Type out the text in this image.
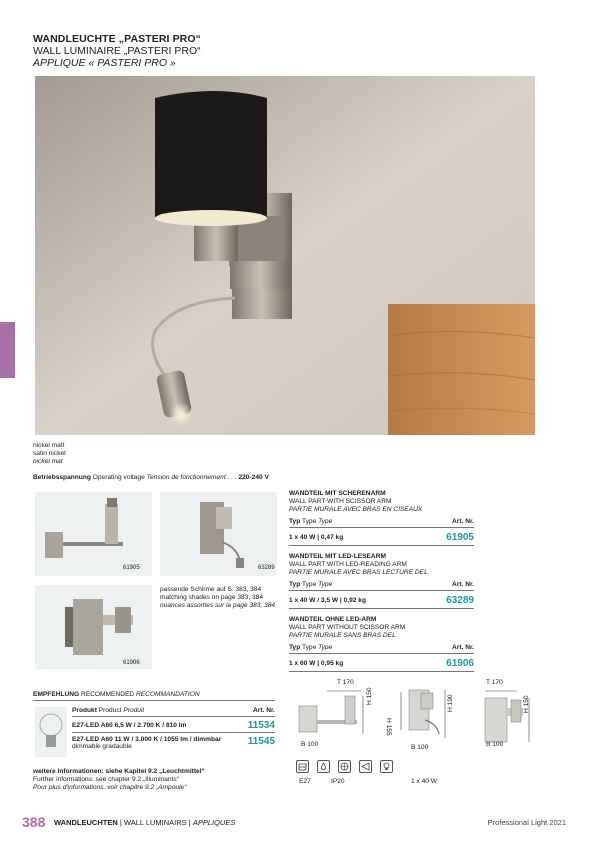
WANDLEUCHTE „PASTERI PRO“
WALL LUMINAIRE „PASTERI PRO“
APPLIQUE « PASTERI PRO »
nickel matt
satin nickel
nickel mat
Betriebsspannung Operating voltage Tension de fonctionnement . . . 220-240 V
61905	63289
passende Schirme auf S. 383, 384
matching shades on page 383, 384
nuances assorties sur la page 383, 384
61906
WANDTEIL MIT SCHERENARM
WALL PART WITH SCISSOR ARM
PARTIE MURALE AVEC BRAS EN CISEAUX
Typ Type Type	Art. Nr.
1 x 40 W | 0,47 kg	61905
WANDTEIL MIT LED-LESEARM
WALL PART WITH LED-READING ARM
PARTIE MURALE AVEC BRAS LECTURE DEL
Typ Type Type	Art. Nr.
1 x 40 W / 3,5 W | 0,92 kg	63289
WANDTEIL OHNE LED-ARM
WALL PART WITHOUT SCISSOR ARM
PARTIE MURALE SANS BRAS DEL
Typ Type Type	Art. Nr.
1 x 60 W | 0,95 kg	61906
EMPFEHLUNG RECOMMENDED RECOMMANDATION
Produkt Product Produit	Art. Nr.
E27-LED A60 6,5 W / 2.700 K / 810 lm	11534
E27-LED A60 11 W / 3.000 K / 1055 lm / dimmbar
dimmable gradauble	11545
weitere Informationen: siehe Kapitel 9.2 „Leuchtmittel“
Further informations: see chapter 9.2 „Illuminants“
Pour plus d'informations, voir chapitre 9.2 „Ampoule“
T 170
H 150
B 100
H 155
H 190
B 100
T 170
H 150
B 100
E27	IP20	1 x 40 W
388 WANDLEUCHTEN | WALL LUMINAIRS | APPLIQUES	Professional Light 2021
